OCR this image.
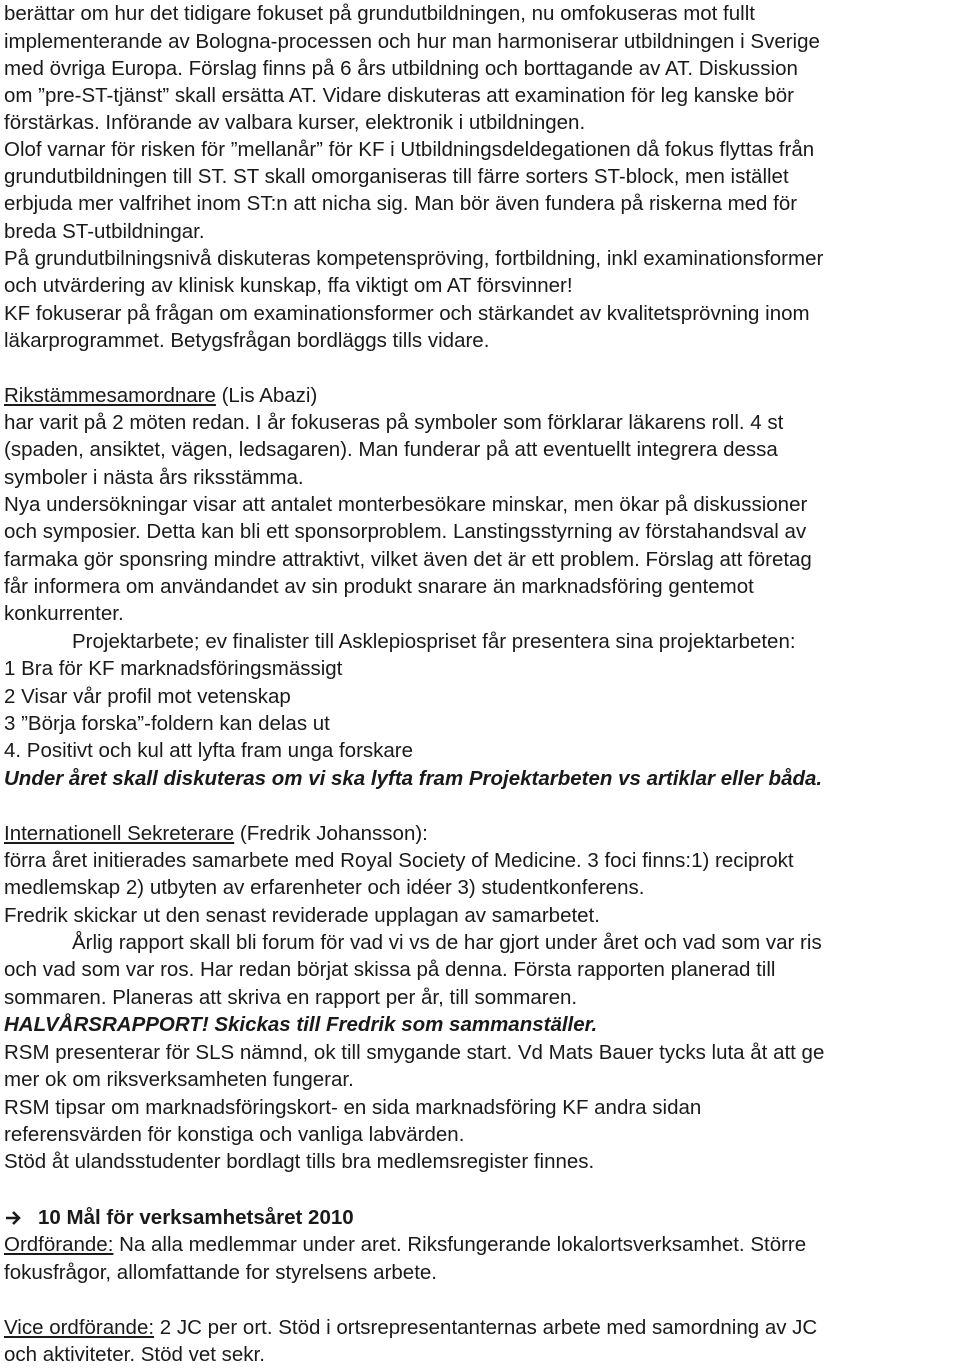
berättar om hur det tidigare fokuset på grundutbildningen, nu omfokuseras mot fullt
implementerande av Bologna-processen och hur man harmoniserar utbildningen i Sverige
med övriga Europa. Förslag finns på 6 års utbildning och borttagande av AT. Diskussion
om ”pre-ST-tjänst” skall ersätta AT. Vidare diskuteras att examination för leg kanske bör
förstärkas. Införande av valbara kurser, elektronik i utbildningen.
Olof varnar för risken för ”mellanår” för KF i Utbildningsdeldegationen då fokus flyttas från
grundutbildningen till ST. ST skall omorganiseras till färre sorters ST-block, men istället
erbjuda mer valfrihet inom ST:n att nicha sig. Man bör även fundera på riskerna med för
breda ST-utbildningar.
På grundutbilningsnivå diskuteras kompetenspröving, fortbildning, inkl examinationsformer
och utvärdering av klinisk kunskap, ffa viktigt om AT försvinner!
KF fokuserar på frågan om examinationsformer och stärkandet av kvalitetsprövning inom
läkarprogrammet. Betygsfrågan bordläggs tills vidare.
Rikstämmesamordnare (Lis Abazi)
har varit på 2 möten redan. I år fokuseras på symboler som förklarar läkarens roll. 4 st
(spaden, ansiktet, vägen, ledsagaren). Man funderar på att eventuellt integrera dessa
symboler i nästa års riksstämma.
Nya undersökningar visar att antalet monterbesökare minskar, men ökar på diskussioner
och symposier. Detta kan bli ett sponsorproblem. Lanstingsstyrning av förstahandsval av
farmaka gör sponsring mindre attraktivt, vilket även det är ett problem. Förslag att företag
får informera om användandet av sin produkt snarare än marknadsföring gentemot
konkurrenter.
Projektarbete; ev finalister till Asklepiospriset får presentera sina projektarbeten:
1 Bra för KF marknadsföringsmässigt
2 Visar vår profil mot vetenskap
3 ”Börja forska”-foldern kan delas ut
4. Positivt och kul att lyfta fram unga forskare
Under året skall diskuteras om vi ska lyfta fram Projektarbeten vs artiklar eller båda.
Internationell Sekreterare (Fredrik Johansson):
förra året initierades samarbete med Royal Society of Medicine. 3 foci finns:1) reciprokt
medlemskap 2) utbyten av erfarenheter och idéer 3) studentkonferens.
Fredrik skickar ut den senast reviderade upplagan av samarbetet.
Årlig rapport skall bli forum för vad vi vs de har gjort under året och vad som var ris
och vad som var ros. Har redan börjat skissa på denna. Första rapporten planerad till
sommaren. Planeras att skriva en rapport per år, till sommaren.
HALVÅRSRAPPORT! Skickas till Fredrik som sammanställer.
RSM presenterar för SLS nämnd, ok till smygande start. Vd Mats Bauer tycks luta åt att ge
mer ok om riksverksamheten fungerar.
RSM tipsar om marknadsföringskort- en sida marknadsföring KF andra sidan
referensvärden för konstiga och vanliga labvärden.
Stöd åt ulandsstudenter bordlagt tills bra medlemsregister finnes.
10 Mål för verksamhetsåret 2010
Ordförande: Na alla medlemmar under aret. Riksfungerande lokalortsverksamhet. Större
fokusfrågor, allomfattande for styrelsens arbete.
Vice ordförande: 2 JC per ort. Stöd i ortsrepresentanternas arbete med samordning av JC
och aktiviteter. Stöd vet sekr.
